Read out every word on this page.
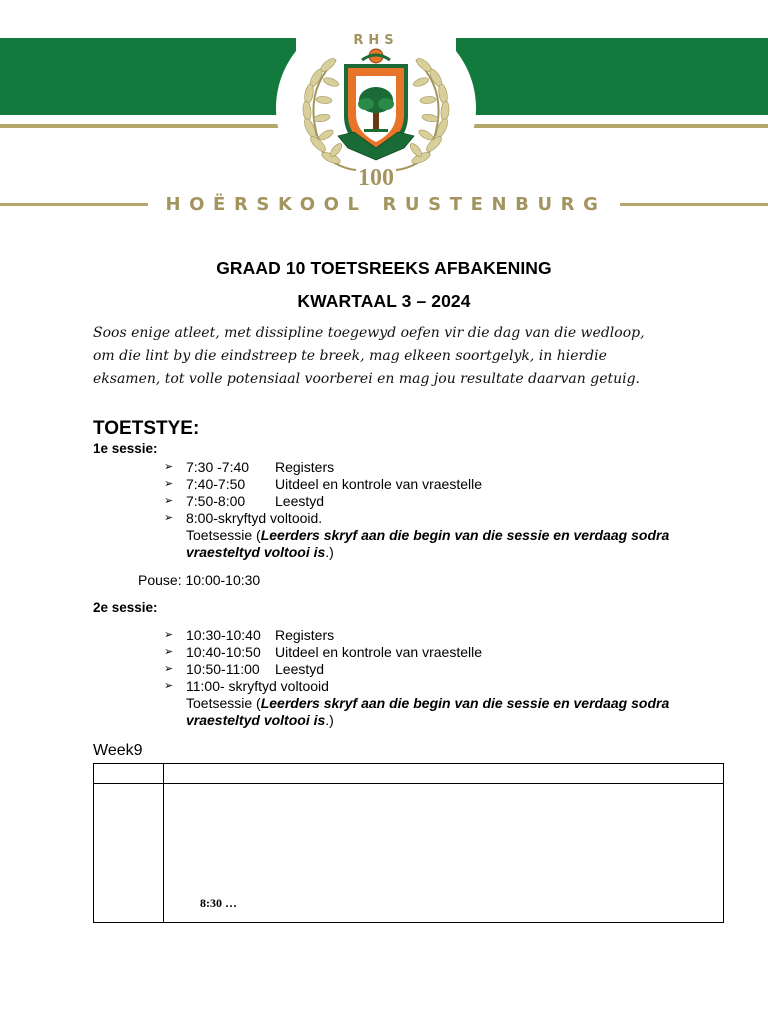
RHS
100
HOËRSKOOL RUSTENBURG
GRAAD 10 TOETSREEKS AFBAKENING
KWARTAAL 3 – 2024

Soos enige atleet, met dissipline toegewyd oefen vir die dag van die wedloop,

om die lint by die eindstreep te breek, mag elkeen soortgelyk, in hierdie

eksamen, tot volle potensiaal voorberei en mag jou resultate daarvan getuig.

TOETSTYE:
1e sessie:
➢ 7:30 -7:40 Registers
➢ 7:40-7:50 Uitdeel en kontrole van vraestelle
➢ 7:50-8:00 Leestyd
➢ 8:00-skryftyd voltooid.
Toetsessie (Leerders skryf aan die begin van die sessie en verdaag sodra vraesteltyd voltooi is.)
Pouse: 10:00-10:30
2e sessie:
➢ 10:30-10:40 Registers
➢ 10:40-10:50 Uitdeel en kontrole van vraestelle
➢ 10:50-11:00 Leestyd
➢ 11:00- skryftyd voltooid
Toetsessie (Leerders skryf aan die begin van die sessie en verdaag sodra vraesteltyd voltooi is.)
Week9
8:30 …
